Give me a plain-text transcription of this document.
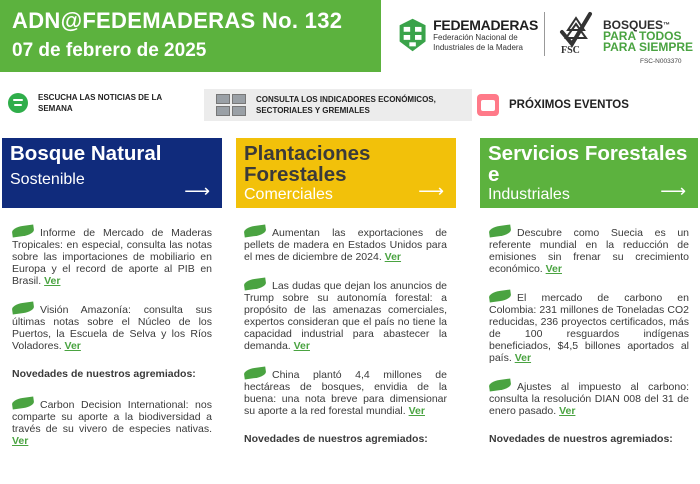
ADN@FEDEMADERAS No. 132
07 de febrero de 2025
FEDEMADERAS
Federación Nacional de
Industriales de la Madera	FSC
BOSQUES™
PARA TODOS
PARA SIEMPRE
FSC-N003370
ESCUCHA LAS NOTICIAS DE LA SEMANA
CONSULTA LOS INDICADORES ECONÓMICOS, SECTORIALES Y GREMIALES	PRÓXIMOS EVENTOS
Bosque Natural
Sostenible
⟶
Plantaciones Forestales
Comerciales	⟶
Servicios Forestales e
Industriales	⟶
Informe de Mercado de Maderas Tropicales: en especial, consulta las notas sobre las importaciones de mobiliario en Europa y el record de aporte al PIB en Brasil. Ver
Visión Amazonía: consulta sus últimas notas sobre el Núcleo de los Puertos, la Escuela de Selva y los Ríos Voladores. Ver
Novedades de nuestros agremiados:
Carbon Decision International: nos comparte su aporte a la biodiversidad a través de su vivero de especies nativas. Ver
Aumentan las exportaciones de pellets de madera en Estados Unidos para el mes de diciembre de 2024. Ver
Las dudas que dejan los anuncios de Trump sobre su autonomía forestal: a propósito de las amenazas comerciales, expertos consideran que el país no tiene la capacidad industrial para abastecer la demanda. Ver
China plantó 4,4 millones de hectáreas de bosques, envidia de la buena: una nota breve para dimensionar su aporte a la red forestal mundial. Ver
Novedades de nuestros agremiados:
Descubre como Suecia es un referente mundial en la reducción de emisiones sin frenar su crecimiento económico. Ver
El mercado de carbono en Colombia: 231 millones de Toneladas CO2 reducidas, 236 proyectos certificados, más de 100 resguardos indígenas beneficiados, $4,5 billones aportados al país. Ver
Ajustes al impuesto al carbono: consulta la resolución DIAN 008 del 31 de enero pasado. Ver
Novedades de nuestros agremiados:
